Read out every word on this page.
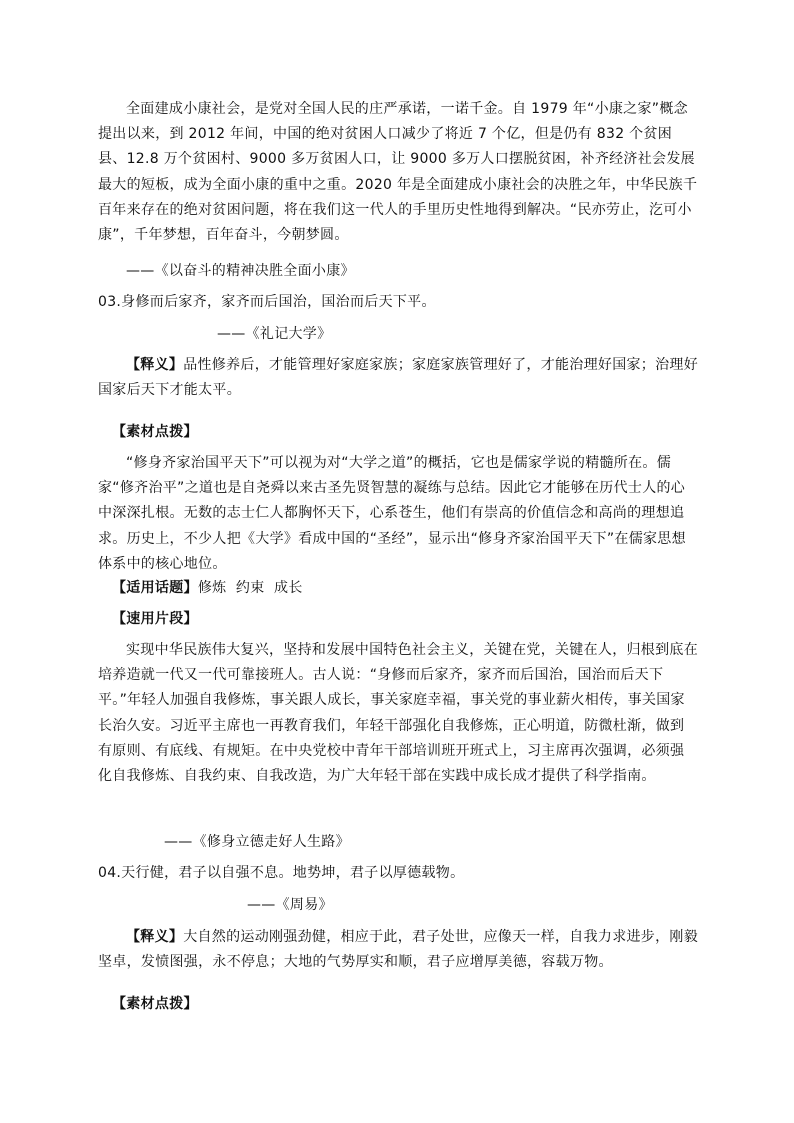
全面建成小康社会，是党对全国人民的庄严承诺，一诺千金。自 1979 年“小康之家”概念提出以来，到 2012 年间，中国的绝对贫困人口减少了将近 7 个亿，但是仍有 832 个贫困县、12.8 万个贫困村、9000 多万贫困人口，让 9000 多万人口摆脱贫困，补齐经济社会发展最大的短板，成为全面小康的重中之重。2020 年是全面建成小康社会的决胜之年，中华民族千百年来存在的绝对贫困问题，将在我们这一代人的手里历史性地得到解决。“民亦劳止，汔可小康”，千年梦想，百年奋斗，今朝梦圆。

——《以奋斗的精神决胜全面小康》
03.身修而后家齐，家齐而后国治，国治而后天下平。
——《礼记大学》

【释义】品性修养后，才能管理好家庭家族；家庭家族管理好了，才能治理好国家；治理好国家后天下才能太平。

【素材点拨】

“修身齐家治国平天下”可以视为对“大学之道”的概括，它也是儒家学说的精髓所在。儒家“修齐治平”之道也是自尧舜以来古圣先贤智慧的凝练与总结。因此它才能够在历代士人的心中深深扎根。无数的志士仁人都胸怀天下，心系苍生，他们有崇高的价值信念和高尚的理想追求。历史上，不少人把《大学》看成中国的“圣经”，显示出“修身齐家治国平天下”在儒家思想体系中的核心地位。

【适用话题】修炼  约束  成长
【速用片段】

实现中华民族伟大复兴，坚持和发展中国特色社会主义，关键在党，关键在人，归根到底在培养造就一代又一代可靠接班人。古人说：“身修而后家齐，家齐而后国治，国治而后天下平。”年轻人加强自我修炼，事关跟人成长，事关家庭幸福，事关党的事业薪火相传，事关国家长治久安。习近平主席也一再教育我们，年轻干部强化自我修炼，正心明道，防微杜渐，做到有原则、有底线、有规矩。在中央党校中青年干部培训班开班式上，习主席再次强调，必须强化自我修炼、自我约束、自我改造，为广大年轻干部在实践中成长成才提供了科学指南。

——《修身立德走好人生路》
04.天行健，君子以自强不息。地势坤，君子以厚德载物。
——《周易》

【释义】大自然的运动刚强劲健，相应于此，君子处世，应像天一样，自我力求进步，刚毅坚卓，发愤图强，永不停息；大地的气势厚实和顺，君子应增厚美德，容载万物。

【素材点拨】
